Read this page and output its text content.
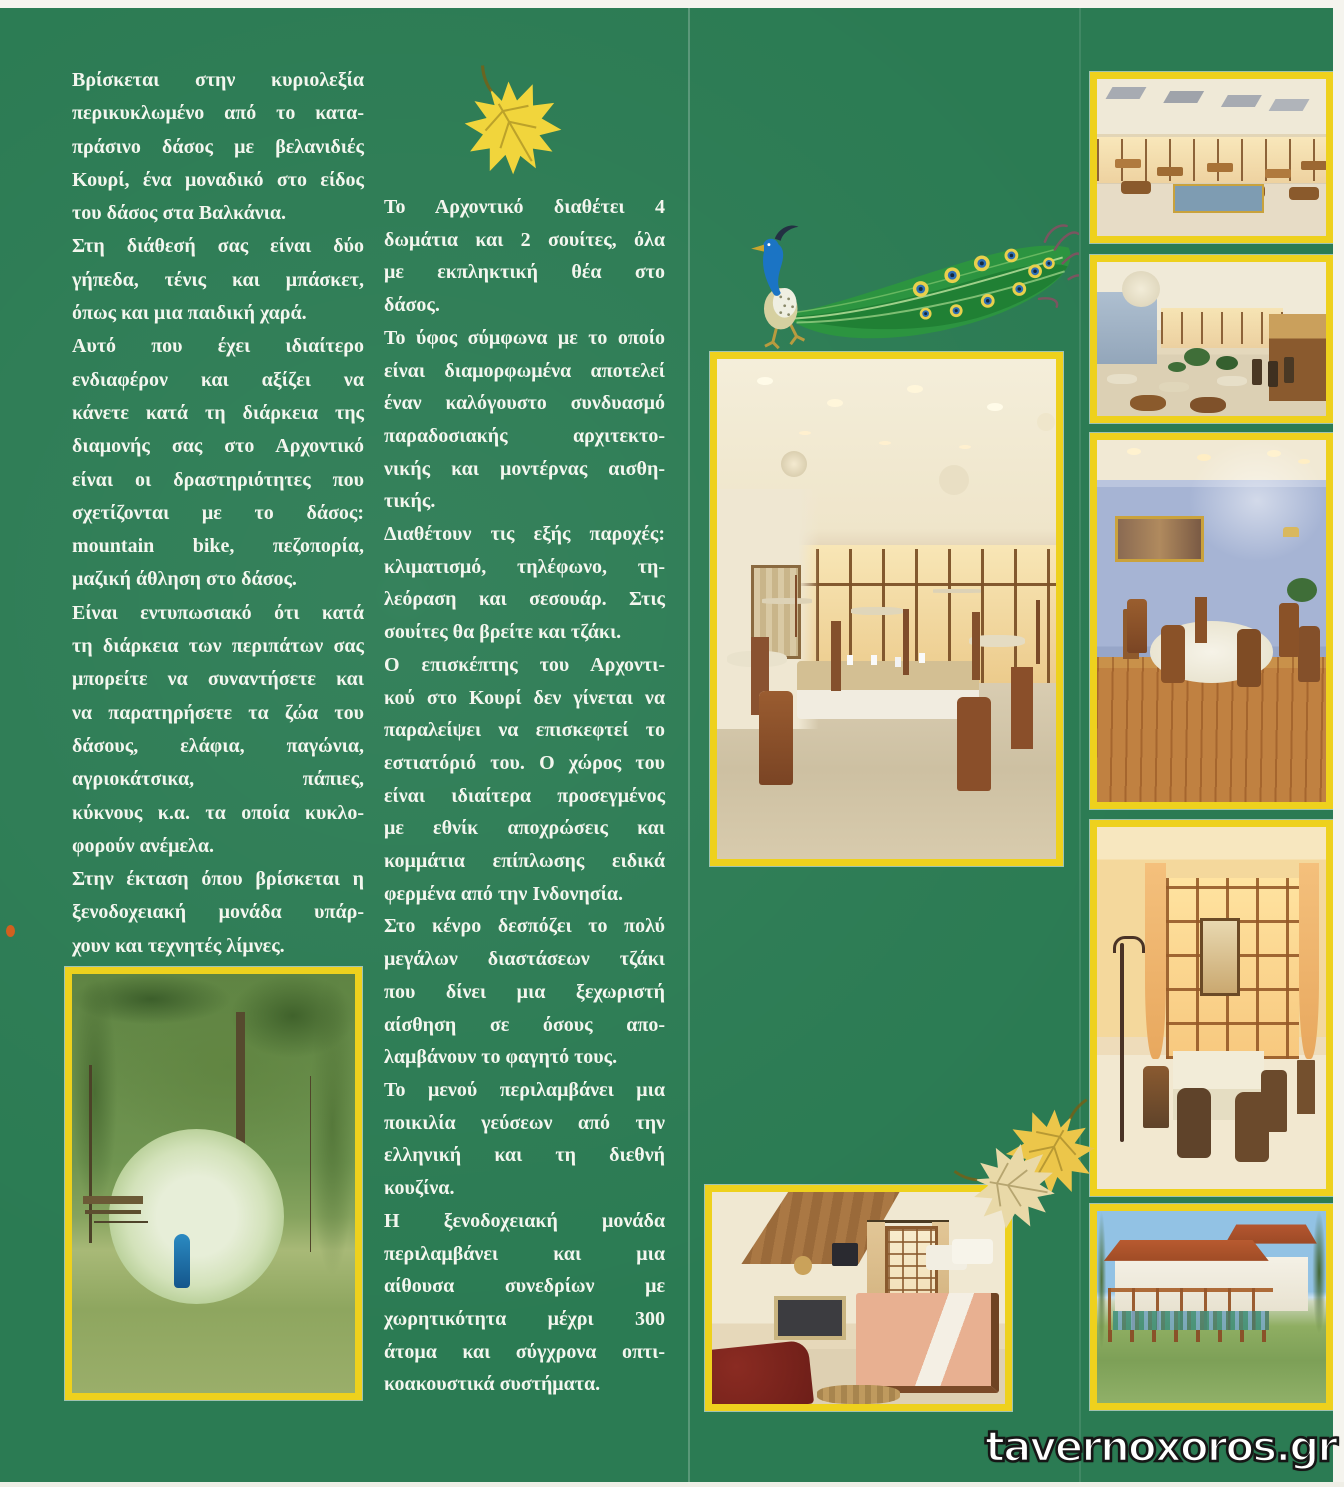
Βρίσκεται στην κυριολεξία
περικυκλωμένο από το κατα-
πράσινο δάσος με βελανιδιές
Κουρί, ένα μοναδικό στο είδος
του δάσος στα Βαλκάνια.
Στη διάθεσή σας είναι δύο
γήπεδα, τένις και μπάσκετ,
όπως και μια παιδική χαρά.
Αυτό που έχει ιδιαίτερο
ενδιαφέρον και αξίζει να
κάνετε κατά τη διάρκεια της
διαμονής σας στο Αρχοντικό
είναι οι δραστηριότητες που
σχετίζονται με το δάσος:
mountain bike, πεζοπορία,
μαζική άθληση στο δάσος.
Είναι εντυπωσιακό ότι κατά
τη διάρκεια των περιπάτων σας
μπορείτε να συναντήσετε και
να παρατηρήσετε τα ζώα του
δάσους, ελάφια, παγώνια,
αγριοκάτσικα, πάπιες,
κύκνους κ.α. τα οποία κυκλο-
φορούν ανέμελα.
Στην έκταση όπου βρίσκεται η
ξενοδοχειακή μονάδα υπάρ-
χουν και τεχνητές λίμνες.
Το Αρχοντικό διαθέτει 4
δωμάτια και 2 σουίτες, όλα
με εκπληκτική θέα στο
δάσος.
Το ύφος σύμφωνα με το οποίο
είναι διαμορφωμένα αποτελεί
έναν καλόγουστο συνδυασμό
παραδοσιακής αρχιτεκτο-
νικής και μοντέρνας αισθη-
τικής.
Διαθέτουν τις εξής παροχές:
κλιματισμό, τηλέφωνο, τη-
λεόραση και σεσουάρ. Στις
σουίτες θα βρείτε και τζάκι.
Ο επισκέπτης του Αρχοντι-
κού στο Κουρί δεν γίνεται να
παραλείψει να επισκεφτεί το
εστιατόριό του. Ο χώρος του
είναι ιδιαίτερα προσεγμένος
με εθνίκ αποχρώσεις και
κομμάτια επίπλωσης ειδικά
φερμένα από την Ινδονησία.
Στο κένρο δεσπόζει το πολύ
μεγάλων διαστάσεων τζάκι
που δίνει μια ξεχωριστή
αίσθηση σε όσους απο-
λαμβάνουν το φαγητό τους.
Το μενού περιλαμβάνει μια
ποικιλία γεύσεων από την
ελληνική και τη διεθνή
κουζίνα.
Η ξενοδοχειακή μονάδα
περιλαμβάνει και μια
αίθουσα συνεδρίων με
χωρητικότητα μέχρι 300
άτομα και σύγχρονα οπτι-
κοακουστικά συστήματα.
tavernoxoros.gr
